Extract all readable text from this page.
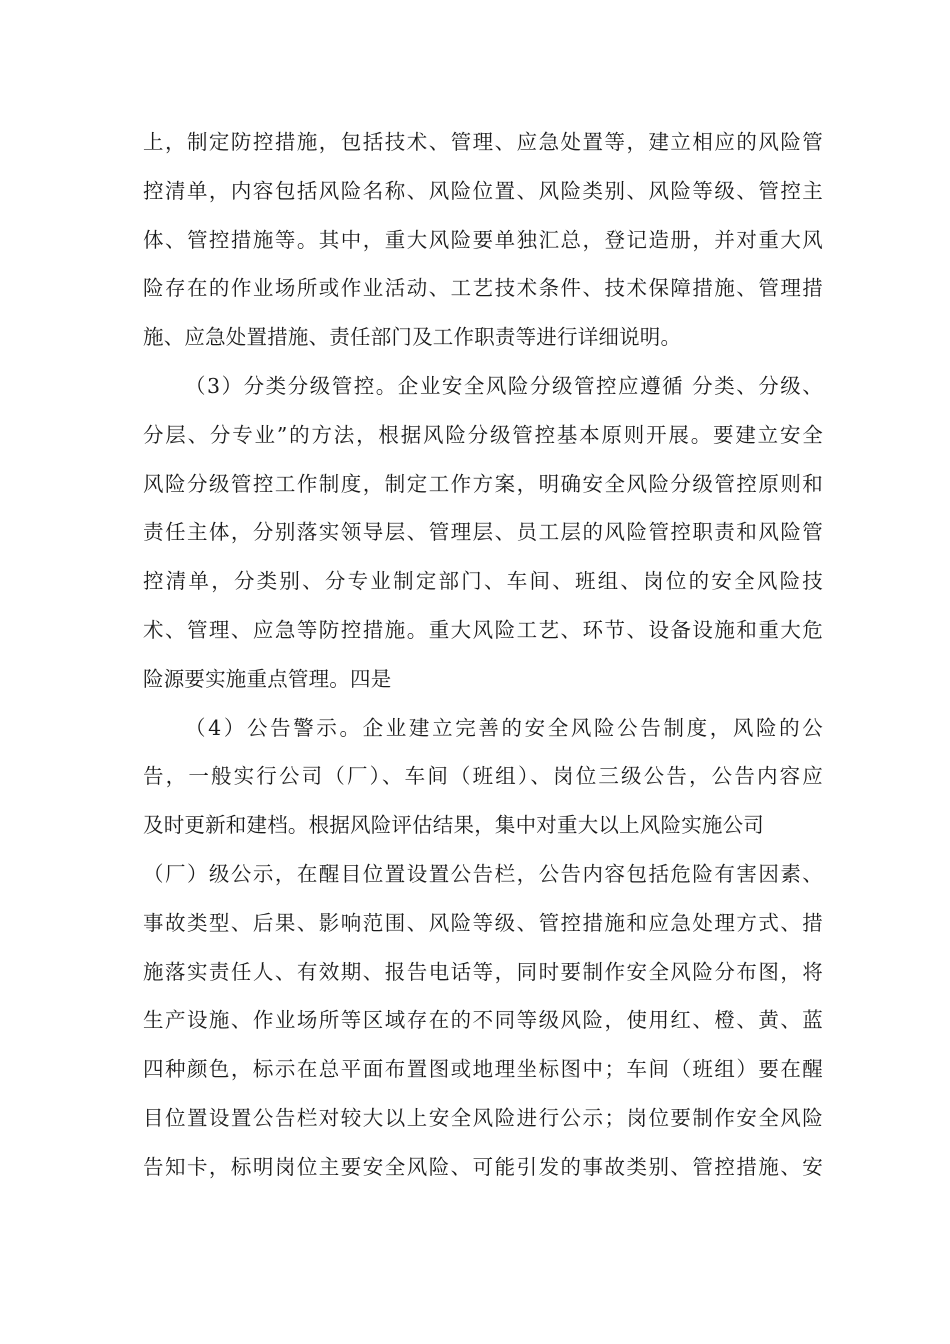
上，制定防控措施，包括技术、管理、应急处置等，建立相应的风险管
控清单，内容包括风险名称、风险位置、风险类别、风险等级、管控主
体、管控措施等。其中，重大风险要单独汇总，登记造册，并对重大风
险存在的作业场所或作业活动、工艺技术条件、技术保障措施、管理措
施、应急处置措施、责任部门及工作职责等进行详细说明。
（3）分类分级管控。企业安全风险分级管控应遵循 分类、分级、
分层、分专业”的方法，根据风险分级管控基本原则开展。要建立安全
风险分级管控工作制度，制定工作方案，明确安全风险分级管控原则和
责任主体，分别落实领导层、管理层、员工层的风险管控职责和风险管
控清单，分类别、分专业制定部门、车间、班组、岗位的安全风险技
术、管理、应急等防控措施。重大风险工艺、环节、设备设施和重大危
险源要实施重点管理。四是
（4）公告警示。企业建立完善的安全风险公告制度，风险的公
告，一般实行公司（厂）、车间（班组）、岗位三级公告，公告内容应
及时更新和建档。根据风险评估结果，集中对重大以上风险实施公司
（厂）级公示，在醒目位置设置公告栏，公告内容包括危险有害因素、
事故类型、后果、影响范围、风险等级、管控措施和应急处理方式、措
施落实责任人、有效期、报告电话等，同时要制作安全风险分布图，将
生产设施、作业场所等区域存在的不同等级风险，使用红、橙、黄、蓝
四种颜色，标示在总平面布置图或地理坐标图中；车间（班组）要在醒
目位置设置公告栏对较大以上安全风险进行公示；岗位要制作安全风险
告知卡，标明岗位主要安全风险、可能引发的事故类别、管控措施、安
